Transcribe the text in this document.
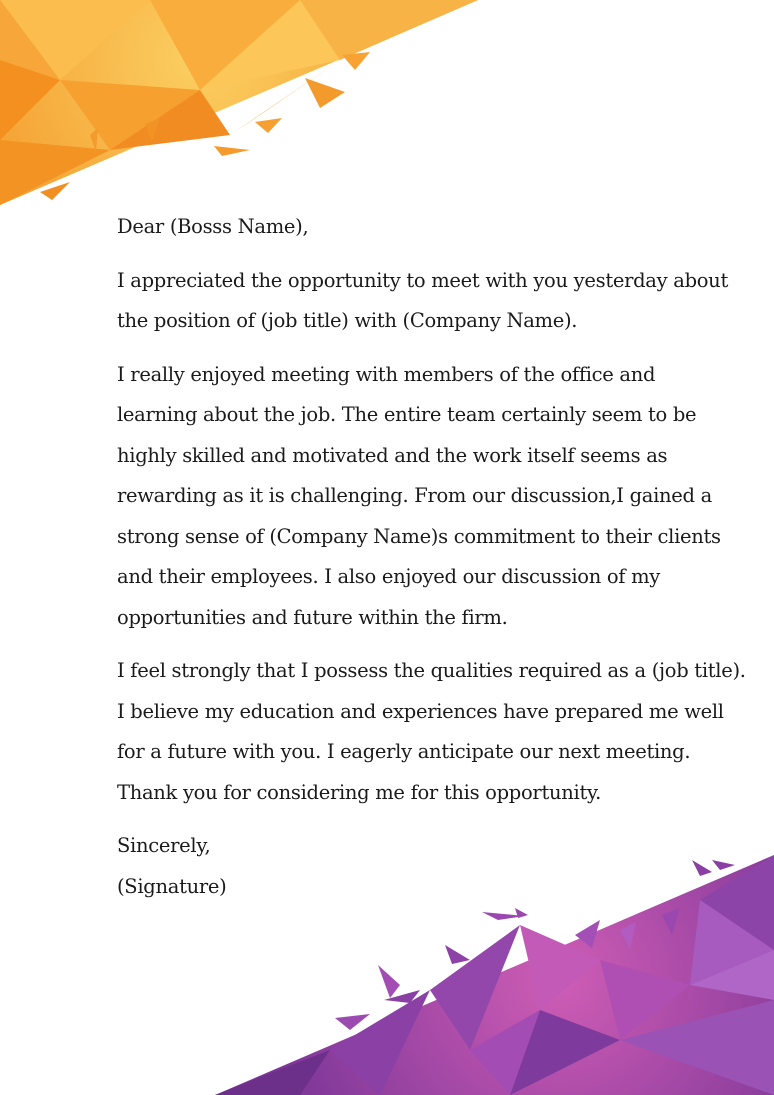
Dear (Bosss Name),

I appreciated the opportunity to meet with you yesterday about
the position of (job title) with (Company Name).

I really enjoyed meeting with members of the office and
learning about the job. The entire team certainly seem to be
highly skilled and motivated and the work itself seems as
rewarding as it is challenging. From our discussion,I gained a
strong sense of (Company Name)s commitment to their clients
and their employees. I also enjoyed our discussion of my
opportunities and future within the firm.

I feel strongly that I possess the qualities required as a (job title).
I believe my education and experiences have prepared me well
for a future with you. I eagerly anticipate our next meeting.
Thank you for considering me for this opportunity.

Sincerely,

(Signature)
